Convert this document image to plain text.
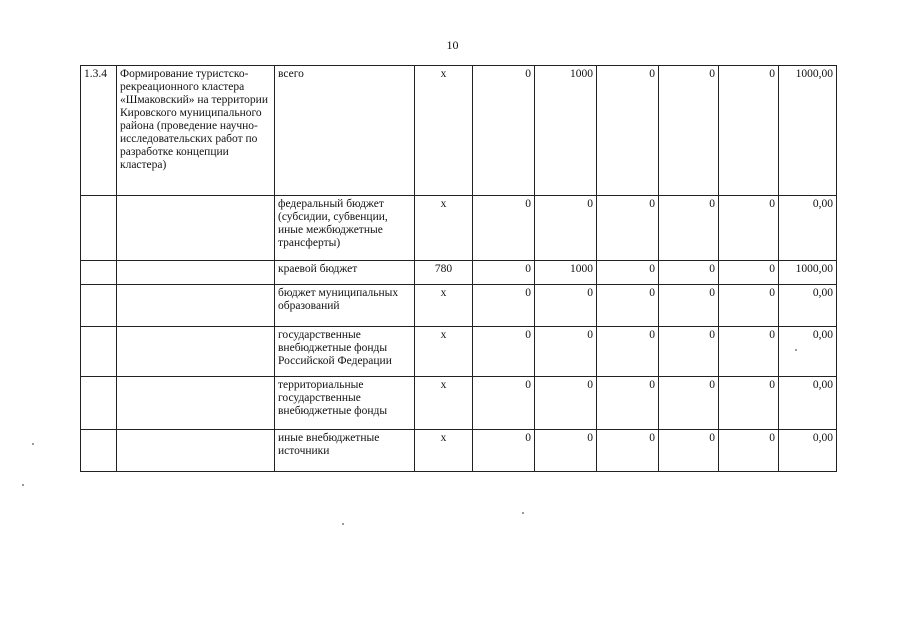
10
1.3.4	Формирование туристско-рекреационного кластера «Шмаковский» на территории Кировского муниципального района (проведение научно-исследовательских работ по разработке концепции кластера)	всего	х	0	1000	0	0	0	1000,00
		федеральный бюджет (субсидии, субвенции, иные межбюджетные трансферты)	х	0	0	0	0	0	0,00
		краевой бюджет	780	0	1000	0	0	0	1000,00
		бюджет муниципальных образований	х	0	0	0	0	0	0,00
		государственные внебюджетные фонды Российской Федерации	х	0	0	0	0	0	0,00
		территориальные государственные внебюджетные фонды	х	0	0	0	0	0	0,00
		иные внебюджетные источники	х	0	0	0	0	0	0,00
